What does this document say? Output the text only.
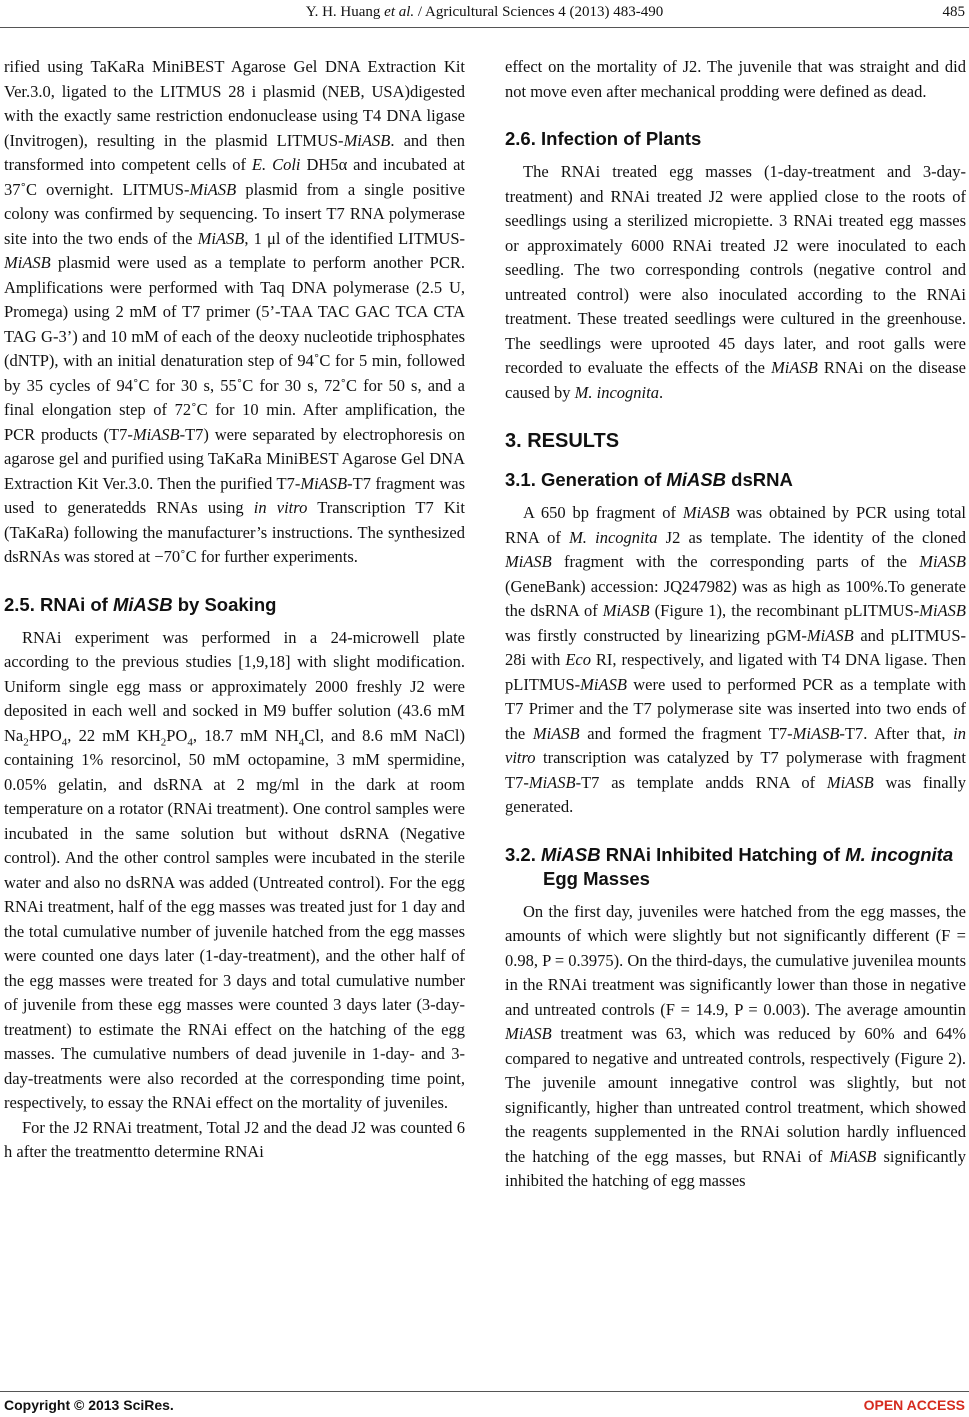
Y. H. Huang et al. / Agricultural Sciences 4 (2013) 483-490	485

rified using TaKaRa MiniBEST Agarose Gel DNA Extraction Kit Ver.3.0, ligated to the LITMUS 28 i plasmid (NEB, USA)digested with the exactly same restriction endonuclease using T4 DNA ligase (Invitrogen), resulting in the plasmid LITMUS-MiASB. and then transformed into competent cells of E. Coli DH5α and incubated at 37˚C overnight. LITMUS-MiASB plasmid from a single positive colony was confirmed by sequencing. To insert T7 RNA polymerase site into the two ends of the MiASB, 1 μl of the identified LITMUS-MiASB plasmid were used as a template to perform another PCR. Amplifications were performed with Taq DNA polymerase (2.5 U, Promega) using 2 mM of T7 primer (5’-TAA TAC GAC TCA CTA TAG G-3’) and 10 mM of each of the deoxy nucleotide triphosphates (dNTP), with an initial denaturation step of 94˚C for 5 min, followed by 35 cycles of 94˚C for 30 s, 55˚C for 30 s, 72˚C for 50 s, and a final elongation step of 72˚C for 10 min. After amplification, the PCR products (T7-MiASB-T7) were separated by electrophoresis on agarose gel and purified using TaKaRa MiniBEST Agarose Gel DNA Extraction Kit Ver.3.0. Then the purified T7-MiASB-T7 fragment was used to generatedds RNAs using in vitro Transcription T7 Kit (TaKaRa) following the manufacturer’s instructions. The synthesized dsRNAs was stored at −70˚C for further experiments.

2.5. RNAi of MiASB by Soaking

RNAi experiment was performed in a 24-microwell plate according to the previous studies [1,9,18] with slight modification. Uniform single egg mass or approximately 2000 freshly J2 were deposited in each well and socked in M9 buffer solution (43.6 mM $Na_2HPO_4$, 22 mM $KH_2PO_4$, 18.7 mM $NH_4Cl$, and 8.6 mM NaCl) containing 1% resorcinol, 50 mM octopamine, 3 mM spermidine, 0.05% gelatin, and dsRNA at 2 mg/ml in the dark at room temperature on a rotator (RNAi treatment). One control samples were incubated in the same solution but without dsRNA (Negative control). And the other control samples were incubated in the sterile water and also no dsRNA was added (Untreated control). For the egg RNAi treatment, half of the egg masses was treated just for 1 day and the total cumulative number of juvenile hatched from the egg masses were counted one days later (1-day-treatment), and the other half of the egg masses were treated for 3 days and total cumulative number of juvenile from these egg masses were counted 3 days later (3-day-treatment) to estimate the RNAi effect on the hatching of the egg masses. The cumulative numbers of dead juvenile in 1-day- and 3-day-treatments were also recorded at the corresponding time point, respectively, to essay the RNAi effect on the mortality of juveniles.

For the J2 RNAi treatment, Total J2 and the dead J2 was counted 6 h after the treatmentto determine RNAi

effect on the mortality of J2. The juvenile that was straight and did not move even after mechanical prodding were defined as dead.

2.6. Infection of Plants

The RNAi treated egg masses (1-day-treatment and 3-day-treatment) and RNAi treated J2 were applied close to the roots of seedlings using a sterilized micropiette. 3 RNAi treated egg masses or approximately 6000 RNAi treated J2 were inoculated to each seedling. The two corresponding controls (negative control and untreated control) were also inoculated according to the RNAi treatment. These treated seedlings were cultured in the greenhouse. The seedlings were uprooted 45 days later, and root galls were recorded to evaluate the effects of the MiASB RNAi on the disease caused by M. incognita.

3. RESULTS
3.1. Generation of MiASB dsRNA

A 650 bp fragment of MiASB was obtained by PCR using total RNA of M. incognita J2 as template. The identity of the cloned MiASB fragment with the corresponding parts of the MiASB (GeneBank) accession: JQ247982) was as high as 100%.To generate the dsRNA of MiASB (Figure 1), the recombinant pLITMUS-MiASB was firstly constructed by linearizing pGM-MiASB and pLITMUS-28i with Eco RI, respectively, and ligated with T4 DNA ligase. Then pLITMUS-MiASB were used to performed PCR as a template with T7 Primer and the T7 polymerase site was inserted into two ends of the MiASB and formed the fragment T7-MiASB-T7. After that, in vitro transcription was catalyzed by T7 polymerase with fragment T7-MiASB-T7 as template andds RNA of MiASB was finally generated.

3.2. MiASB RNAi Inhibited Hatching of M. incognita Egg Masses

On the first day, juveniles were hatched from the egg masses, the amounts of which were slightly but not significantly different (F = 0.98, P = 0.3975). On the third-days, the cumulative juvenilea mounts in the RNAi treatment was significantly lower than those in negative and untreated controls (F = 14.9, P = 0.003). The average amountin MiASB treatment was 63, which was reduced by 60% and 64% compared to negative and untreated controls, respectively (Figure 2). The juvenile amount innegative control was slightly, but not significantly, higher than untreated control treatment, which showed the reagents supplemented in the RNAi solution hardly influenced the hatching of the egg masses, but RNAi of MiASB significantly inhibited the hatching of egg masses

Copyright © 2013 SciRes.	OPEN ACCESS
